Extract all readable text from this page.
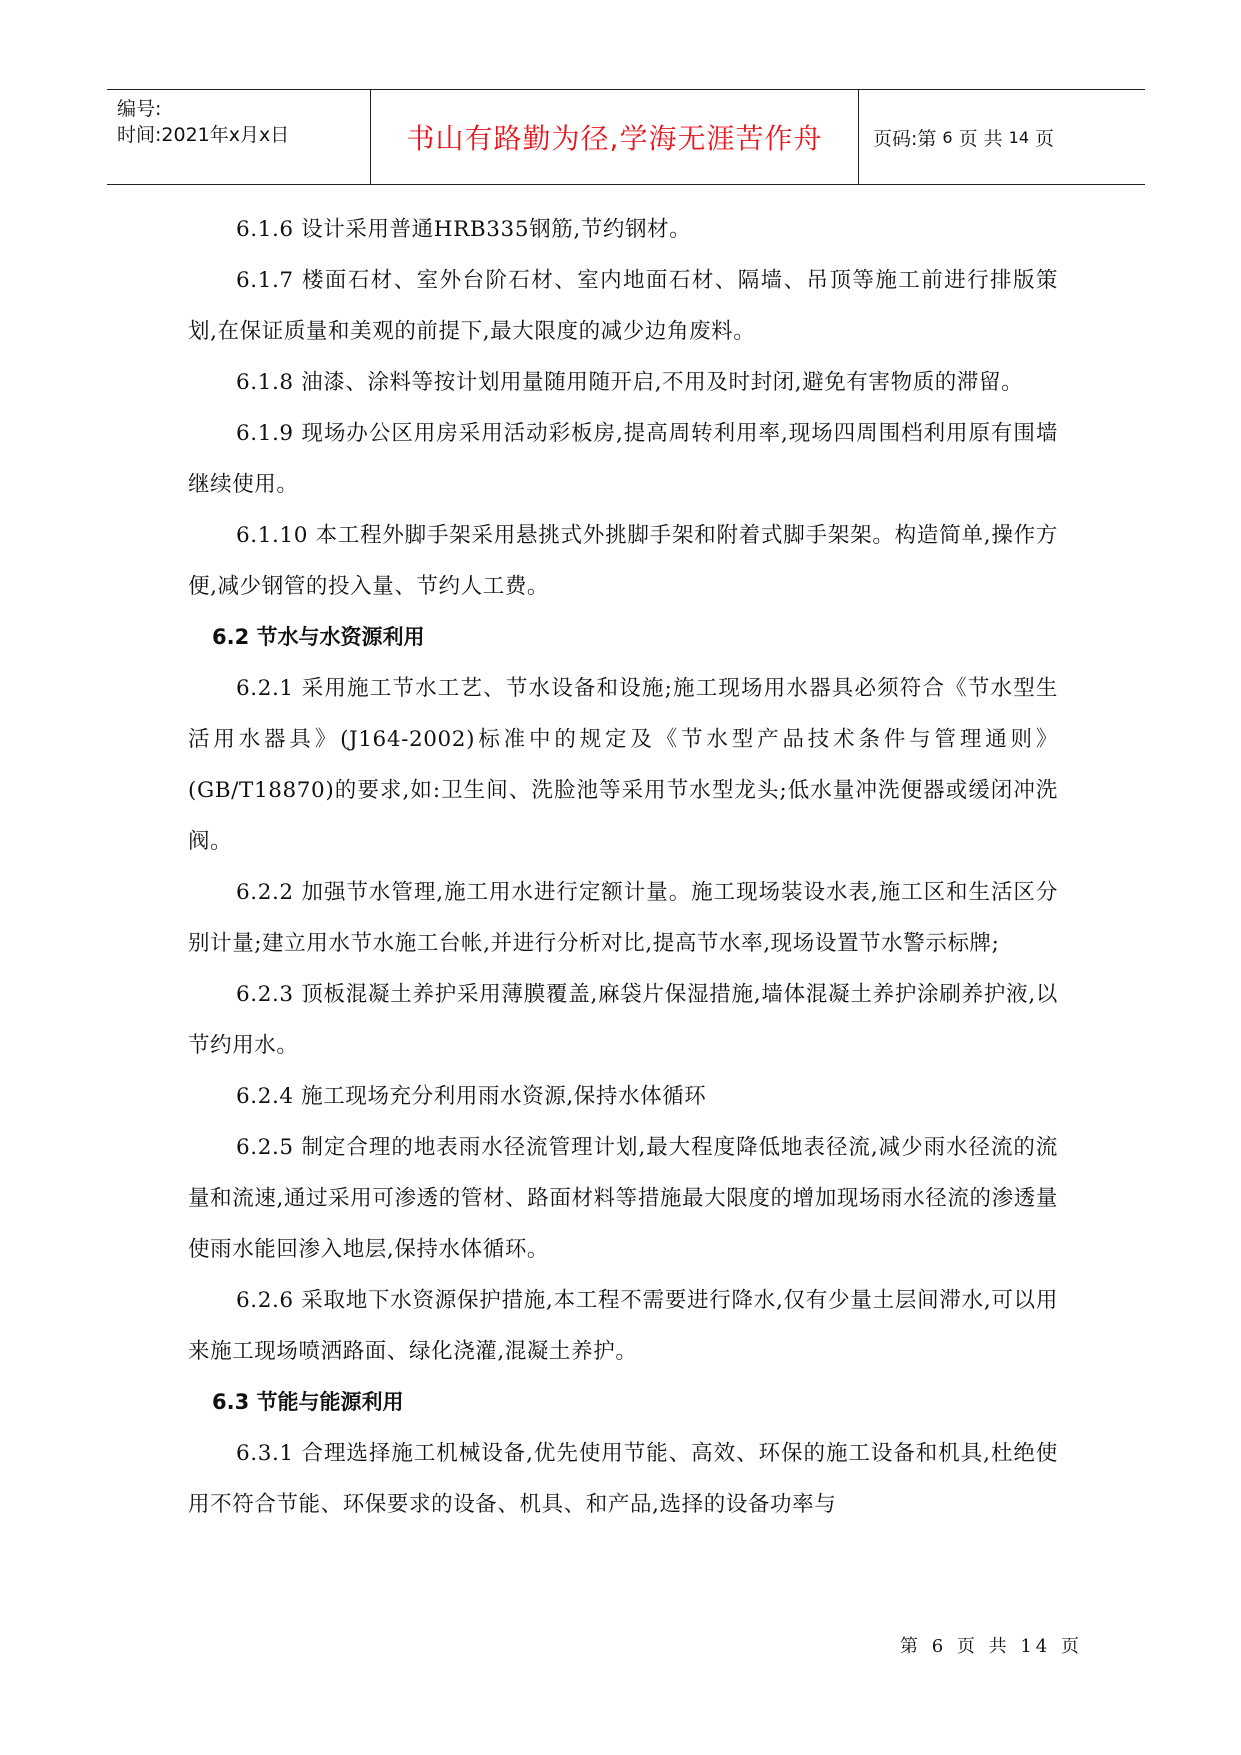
编号:
时间:2021年x月x日	书山有路勤为径,学海无涯苦作舟	页码:第 6 页 共 14 页

6.1.6 设计采用普通HRB335钢筋,节约钢材。

6.1.7 楼面石材、室外台阶石材、室内地面石材、隔墙、吊顶等施工前进行排版策划,在保证质量和美观的前提下,最大限度的减少边角废料。

6.1.8 油漆、涂料等按计划用量随用随开启,不用及时封闭,避免有害物质的滞留。

6.1.9 现场办公区用房采用活动彩板房,提高周转利用率,现场四周围档利用原有围墙继续使用。

6.1.10 本工程外脚手架采用悬挑式外挑脚手架和附着式脚手架架。构造简单,操作方便,减少钢管的投入量、节约人工费。

6.2 节水与水资源利用

6.2.1 采用施工节水工艺、节水设备和设施;施工现场用水器具必须符合《节水型生活用水器具》(J164-2002)标准中的规定及《节水型产品技术条件与管理通则》(GB/T18870)的要求,如:卫生间、洗脸池等采用节水型龙头;低水量冲洗便器或缓闭冲洗阀。

6.2.2 加强节水管理,施工用水进行定额计量。施工现场装设水表,施工区和生活区分别计量;建立用水节水施工台帐,并进行分析对比,提高节水率,现场设置节水警示标牌;

6.2.3 顶板混凝土养护采用薄膜覆盖,麻袋片保湿措施,墙体混凝土养护涂刷养护液,以节约用水。

6.2.4 施工现场充分利用雨水资源,保持水体循环

6.2.5 制定合理的地表雨水径流管理计划,最大程度降低地表径流,减少雨水径流的流量和流速,通过采用可渗透的管材、路面材料等措施最大限度的增加现场雨水径流的渗透量使雨水能回渗入地层,保持水体循环。

6.2.6 采取地下水资源保护措施,本工程不需要进行降水,仅有少量土层间滞水,可以用来施工现场喷洒路面、绿化浇灌,混凝土养护。

6.3 节能与能源利用

6.3.1 合理选择施工机械设备,优先使用节能、高效、环保的施工设备和机具,杜绝使用不符合节能、环保要求的设备、机具、和产品,选择的设备功率与

第 6 页 共 14 页
